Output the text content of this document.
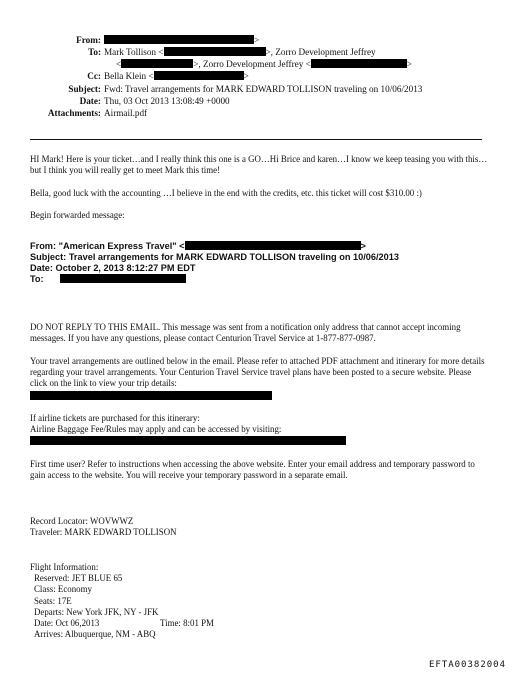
From:	>
To: Mark Tollison <	>, Zorro Development Jeffrey
<	>, Zorro Development Jeffrey <	>
Cc: Bella Klein <	>
Subject: Fwd: Travel arrangements for MARK EDWARD TOLLISON traveling on 10/06/2013
Date: Thu, 03 Oct 2013 13:08:49 +0000
Attachments: Airmail.pdf

HI Mark! Here is your ticket…and I really think this one is a GO…Hi Brice and karen…I know we keep teasing you with this…but I think you will really get to meet Mark this time!

Bella, good luck with the accounting …I believe in the end with the credits, etc. this ticket will cost $310.00 :)

Begin forwarded message:

From: "American Express Travel" <	>
Subject: Travel arrangements for MARK EDWARD TOLLISON traveling on 10/06/2013
Date: October 2, 2013 8:12:27 PM EDT
To:

DO NOT REPLY TO THIS EMAIL. This message was sent from a notification only address that cannot accept incoming messages. If you have any questions, please contact Centurion Travel Service at 1-877-877-0987.

Your travel arrangements are outlined below in the email. Please refer to attached PDF attachment and itinerary for more details regarding your travel arrangements. Your Centurion Travel Service travel plans have been posted to a secure website. Please click on the link to view your trip details:

If airline tickets are purchased for this itinerary:

Airline Baggage Fee/Rules may apply and can be accessed by visiting:

First time user? Refer to instructions when accessing the above website. Enter your email address and temporary password to gain access to the website. You will receive your temporary password in a separate email.

Record Locator: WOVWWZ

Traveler: MARK EDWARD TOLLISON

Flight Information:

Reserved: JET BLUE 65

Class: Economy

Seats: 17E

Departs: New York JFK, NY - JFK

Date: Oct 06,2013	Time: 8:01 PM

Arrives: Albuquerque, NM - ABQ

EFTA00382004
